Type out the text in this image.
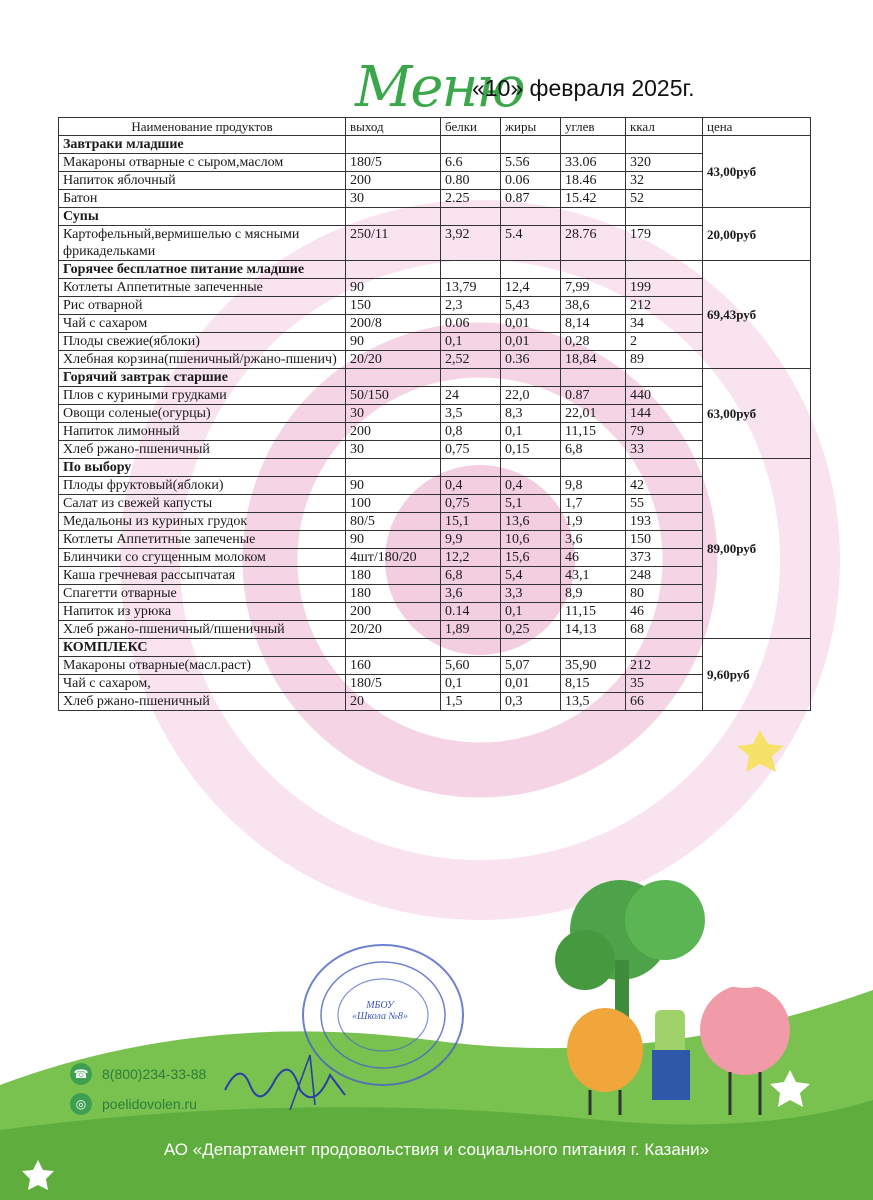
Меню
«10» февраля 2025г.
Наименование продуктов	выход	белки	жиры	углев	ккал	цена
Завтраки младшие						43,00руб
Макароны отварные с сыром,маслом	180/5	6.6	5.56	33.06	320	
Напиток яблочный	200	0.80	0.06	18.46	32	
Батон	30	2.25	0.87	15.42	52	
Супы						20,00руб
Картофельный,вермишелью с мясными фрикадельками	250/11	3,92	5.4	28.76	179	
Горячее бесплатное питание младшие						69,43руб
Котлеты Аппетитные запеченные	90	13,79	12,4	7,99	199	
Рис отварной	150	2,3	5,43	38,6	212	
Чай с сахаром	200/8	0.06	0,01	8,14	34	
Плоды свежие(яблоки)	90	0,1	0,01	0,28	2	
Хлебная корзина(пшеничный/ржано-пшенич)	20/20	2,52	0.36	18,84	89	
Горячий завтрак старшие						63,00руб
Плов с куриными грудками	50/150	24	22,0	0.87	440	
Овощи соленые(огурцы)	30	3,5	8,3	22,01	144	
Напиток лимонный	200	0,8	0,1	11,15	79	
Хлеб ржано-пшеничный	30	0,75	0,15	6,8	33	
По выбору						89,00руб
Плоды фруктовый(яблоки)	90	0,4	0,4	9,8	42	
Салат из свежей капусты	100	0,75	5,1	1,7	55	
Медальоны из куриных грудок	80/5	15,1	13,6	1,9	193	
Котлеты Аппетитные запеченые	90	9,9	10,6	3,6	150	
Блинчики со сгущенным молоком	4шт/180/20	12,2	15,6	46	373	
Каша гречневая рассыпчатая	180	6,8	5,4	43,1	248	
Спагетти отварные	180	3,6	3,3	8,9	80	
Напиток из урюка	200	0.14	0,1	11,15	46	
Хлеб ржано-пшеничный/пшеничный	20/20	1,89	0,25	14,13	68	
КОМПЛЕКС						9,60руб
Макароны отварные(масл.раст)	160	5,60	5,07	35,90	212	
Чай с сахаром,	180/5	0,1	0,01	8,15	35	
Хлеб ржано-пшеничный	20	1,5	0,3	13,5	66	
МБОУ
«Школа №8»
☎ 8(800)234-33-88
◎	poelidovolen.ru
АО «Департамент продовольствия и социального питания г. Казани»
